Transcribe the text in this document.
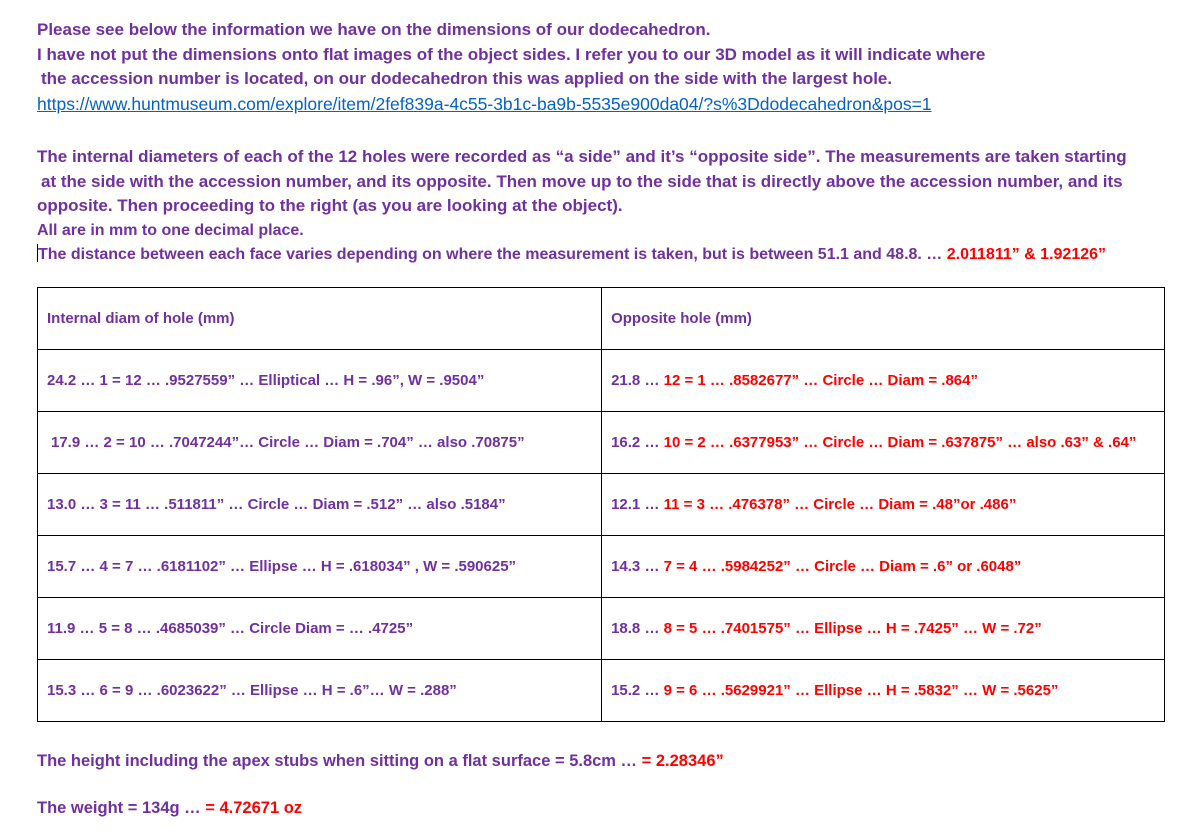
Please see below the information we have on the dimensions of our dodecahedron.
I have not put the dimensions onto flat images of the object sides. I refer you to our 3D model as it will indicate where
the accession number is located, on our dodecahedron this was applied on the side with the largest hole.
https://www.huntmuseum.com/explore/item/2fef839a-4c55-3b1c-ba9b-5535e900da04/?s%3Ddodecahedron&pos=1
The internal diameters of each of the 12 holes were recorded as “a side” and it’s “opposite side”. The measurements are taken starting
at the side with the accession number, and its opposite. Then move up to the side that is directly above the accession number, and its
opposite. Then proceeding to the right (as you are looking at the object).
All are in mm to one decimal place.
The distance between each face varies depending on where the measurement is taken, but is between 51.1 and 48.8. … 2.011811” & 1.92126”
Internal diam of hole (mm)	Opposite hole (mm)
24.2 … 1 = 12 … .9527559” … Elliptical … H = .96”, W = .9504”	21.8 … 12 = 1 … .8582677” … Circle … Diam = .864”
17.9 … 2 = 10 … .7047244”… Circle … Diam = .704” … also .70875”	16.2 … 10 = 2 … .6377953” … Circle … Diam = .637875” … also .63” & .64”
13.0 … 3 = 11 … .511811” … Circle … Diam = .512” … also .5184”	12.1 … 11 = 3 … .476378” … Circle … Diam = .48”or .486”
15.7 … 4 = 7 … .6181102” … Ellipse … H = .618034” , W = .590625”	14.3 … 7 = 4 … .5984252” … Circle … Diam = .6” or .6048”
11.9 … 5 = 8 … .4685039” … Circle Diam = … .4725”	18.8 … 8 = 5 … .7401575” … Ellipse … H = .7425” … W = .72”
15.3 … 6 = 9 … .6023622” … Ellipse … H = .6”… W = .288”	15.2 … 9 = 6 … .5629921” … Ellipse … H = .5832” … W = .5625”
The height including the apex stubs when sitting on a flat surface = 5.8cm … = 2.28346”
The weight = 134g … = 4.72671 oz
